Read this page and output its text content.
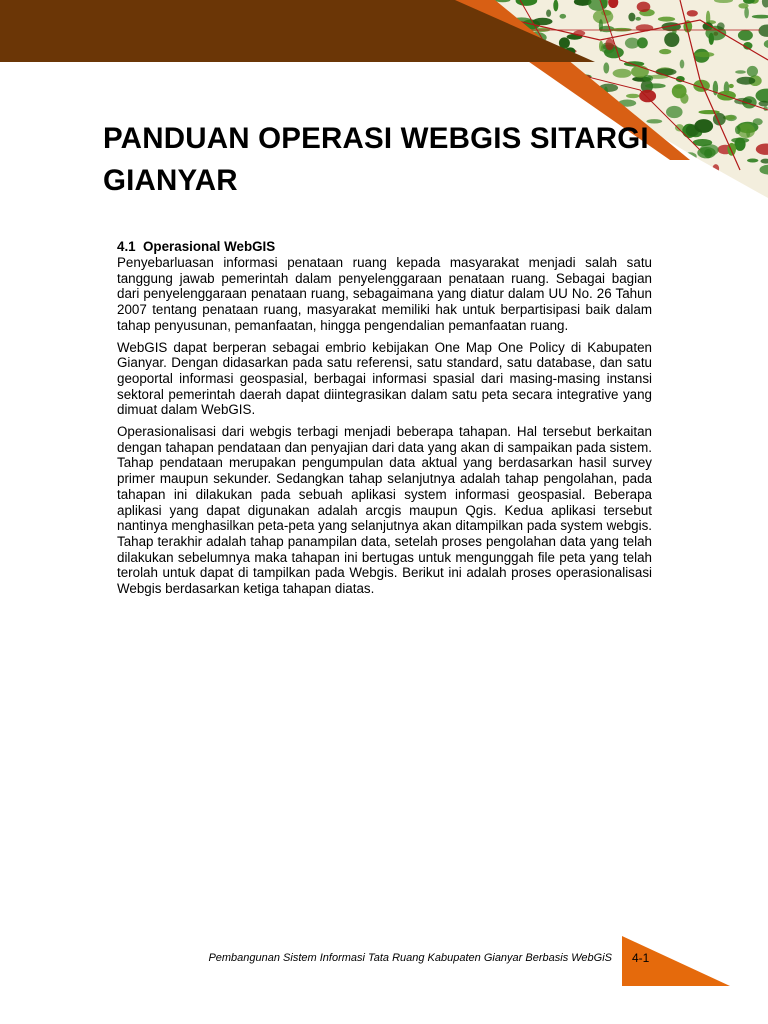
PANDUAN OPERASI WEBGIS SITARGI GIANYAR

4.1 Operasional WebGIS

Penyebarluasan informasi penataan ruang kepada masyarakat menjadi salah satu tanggung jawab pemerintah dalam penyelenggaraan penataan ruang. Sebagai bagian dari penyelenggaraan penataan ruang, sebagaimana yang diatur dalam UU No. 26 Tahun 2007 tentang penataan ruang, masyarakat memiliki hak untuk berpartisipasi baik dalam tahap penyusunan, pemanfaatan, hingga pengendalian pemanfaatan ruang.

WebGIS dapat berperan sebagai embrio kebijakan One Map One Policy di Kabupaten Gianyar. Dengan didasarkan pada satu referensi, satu standard, satu database, dan satu geoportal informasi geospasial, berbagai informasi spasial dari masing-masing instansi sektoral pemerintah daerah dapat diintegrasikan dalam satu peta secara integrative yang dimuat dalam WebGIS.

Operasionalisasi dari webgis terbagi menjadi beberapa tahapan. Hal tersebut berkaitan dengan tahapan pendataan dan penyajian dari data yang akan di sampaikan pada sistem. Tahap pendataan merupakan pengumpulan data aktual yang berdasarkan hasil survey primer maupun sekunder. Sedangkan tahap selanjutnya adalah tahap pengolahan, pada tahapan ini dilakukan pada sebuah aplikasi system informasi geospasial. Beberapa aplikasi yang dapat digunakan adalah arcgis maupun Qgis. Kedua aplikasi tersebut nantinya menghasilkan peta-peta yang selanjutnya akan ditampilkan pada system webgis. Tahap terakhir adalah tahap panampilan data, setelah proses pengolahan data yang telah dilakukan sebelumnya maka tahapan ini bertugas untuk mengunggah file peta yang telah terolah untuk dapat di tampilkan pada Webgis. Berikut ini adalah proses operasionalisasi Webgis berdasarkan ketiga tahapan diatas.

Pembangunan Sistem Informasi Tata Ruang Kabupaten Gianyar Berbasis WebGiS 4-1
